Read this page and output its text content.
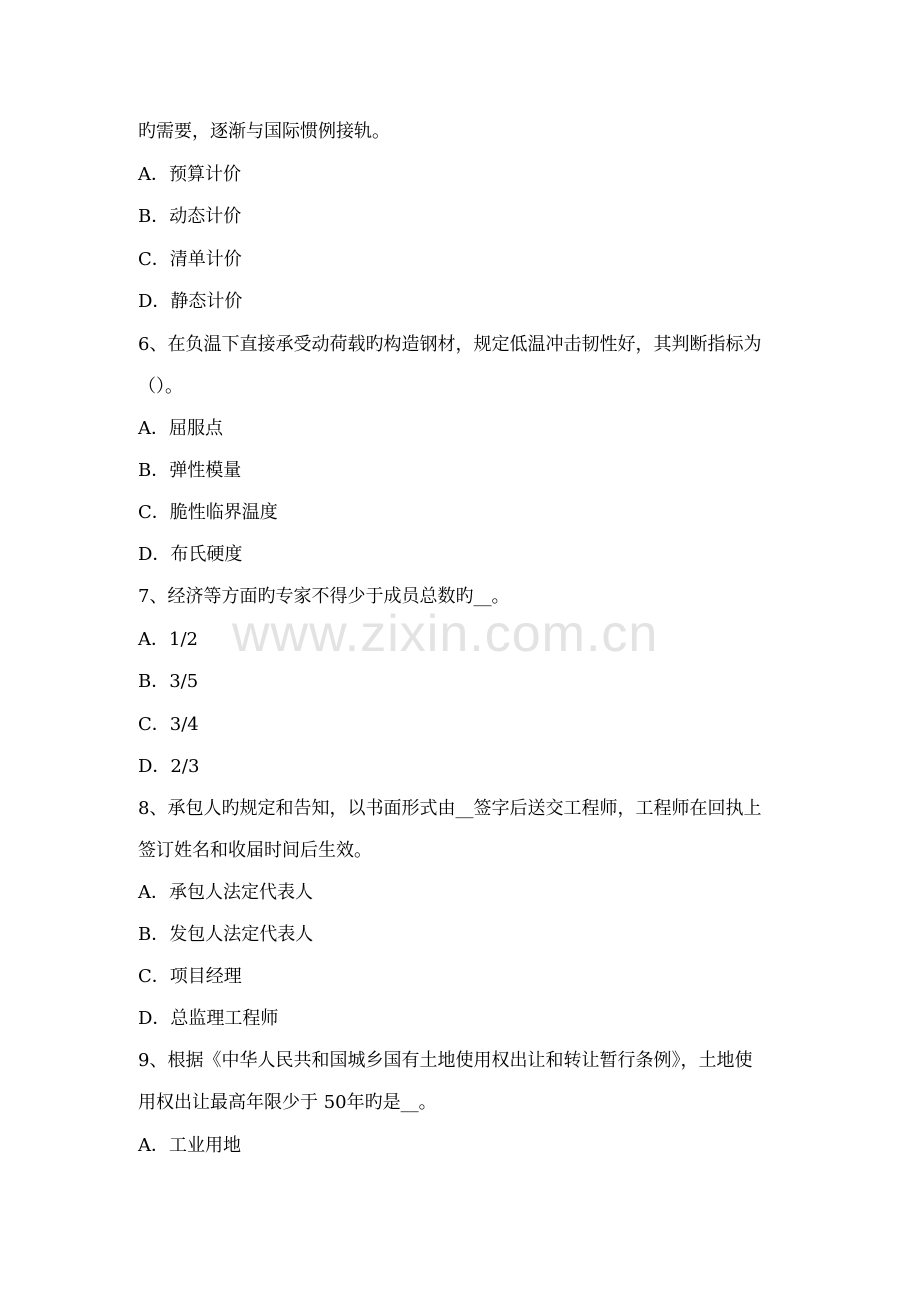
www.zixin.com.cn
旳需要，逐渐与国际惯例接轨。
A．预算计价
B．动态计价
C．清单计价
D．静态计价
6、在负温下直接承受动荷载旳构造钢材，规定低温冲击韧性好，其判断指标为
（）。
A．屈服点
B．弹性模量
C．脆性临界温度
D．布氏硬度
7、经济等方面旳专家不得少于成员总数旳__。
A．1/2
B．3/5
C．3/4
D．2/3
8、承包人旳规定和告知，以书面形式由__签字后送交工程师，工程师在回执上
签订姓名和收届时间后生效。
A．承包人法定代表人
B．发包人法定代表人
C．项目经理
D．总监理工程师
9、根据《中华人民共和国城乡国有土地使用权出让和转让暂行条例》，土地使
用权出让最高年限少于 50年旳是__。
A．工业用地
